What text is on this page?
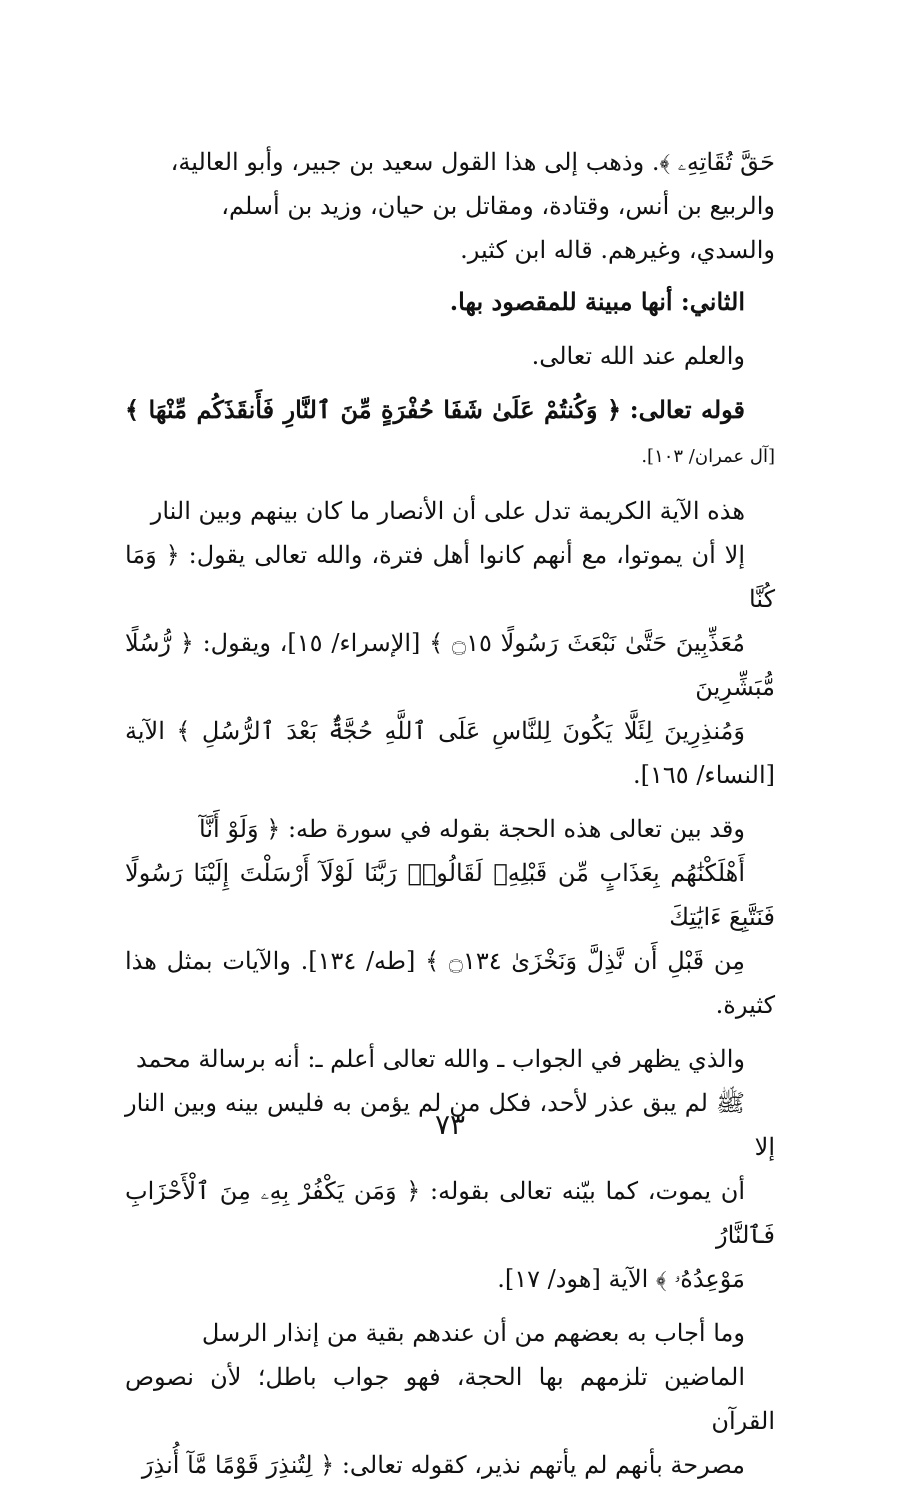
حَقَّ تُقَاتِهِۦ ﴾. وذهب إلى هذا القول سعيد بن جبير، وأبو العالية،
والربيع بن أنس، وقتادة، ومقاتل بن حيان، وزيد بن أسلم،
والسدي، وغيرهم. قاله ابن كثير.
الثاني: أنها مبينة للمقصود بها.
والعلم عند الله تعالى.
قوله تعالى: ﴿ وَكُنتُمْ عَلَىٰ شَفَا حُفْرَةٍ مِّنَ ٱلنَّارِ فَأَنقَذَكُم مِّنْهَا ﴾ [آل عمران/ ١٠٣].
هذه الآية الكريمة تدل على أن الأنصار ما كان بينهم وبين النار
إلا أن يموتوا، مع أنهم كانوا أهل فترة، والله تعالى يقول: ﴿ وَمَا كُنَّا
مُعَذِّبِينَ حَتَّىٰ نَبْعَثَ رَسُولًا ۝١٥ ﴾ [الإسراء/ ١٥]، ويقول: ﴿ رُّسُلًا مُّبَشِّرِينَ
وَمُنذِرِينَ لِئَلَّا يَكُونَ لِلنَّاسِ عَلَى ٱللَّهِ حُجَّةٌۢ بَعْدَ ٱلرُّسُلِ ﴾ الآية [النساء/ ١٦٥].
وقد بين تعالى هذه الحجة بقوله في سورة طه: ﴿ وَلَوْ أَنَّآ
أَهْلَكْنَٰهُم بِعَذَابٍ مِّن قَبْلِهِۦ لَقَالُوا۟ رَبَّنَا لَوْلَآ أَرْسَلْتَ إِلَيْنَا رَسُولًا فَنَتَّبِعَ ءَايَٰتِكَ
مِن قَبْلِ أَن نَّذِلَّ وَنَخْزَىٰ ۝١٣٤ ﴾ [طه/ ١٣٤]. والآيات بمثل هذا كثيرة.
والذي يظهر في الجواب ـ والله تعالى أعلم ـ: أنه برسالة محمد
ﷺ لم يبق عذر لأحد، فكل من لم يؤمن به فليس بينه وبين النار إلا
أن يموت، كما بيّنه تعالى بقوله: ﴿ وَمَن يَكْفُرْ بِهِۦ مِنَ ٱلْأَحْزَابِ فَٱلنَّارُ
مَوْعِدُهُۥ ﴾ الآية [هود/ ١٧].
وما أجاب به بعضهم من أن عندهم بقية من إنذار الرسل
الماضين تلزمهم بها الحجة، فهو جواب باطل؛ لأن نصوص القرآن
مصرحة بأنهم لم يأتهم نذير، كقوله تعالى: ﴿ لِتُنذِرَ قَوْمًا مَّآ أُنذِرَ
٧٣
